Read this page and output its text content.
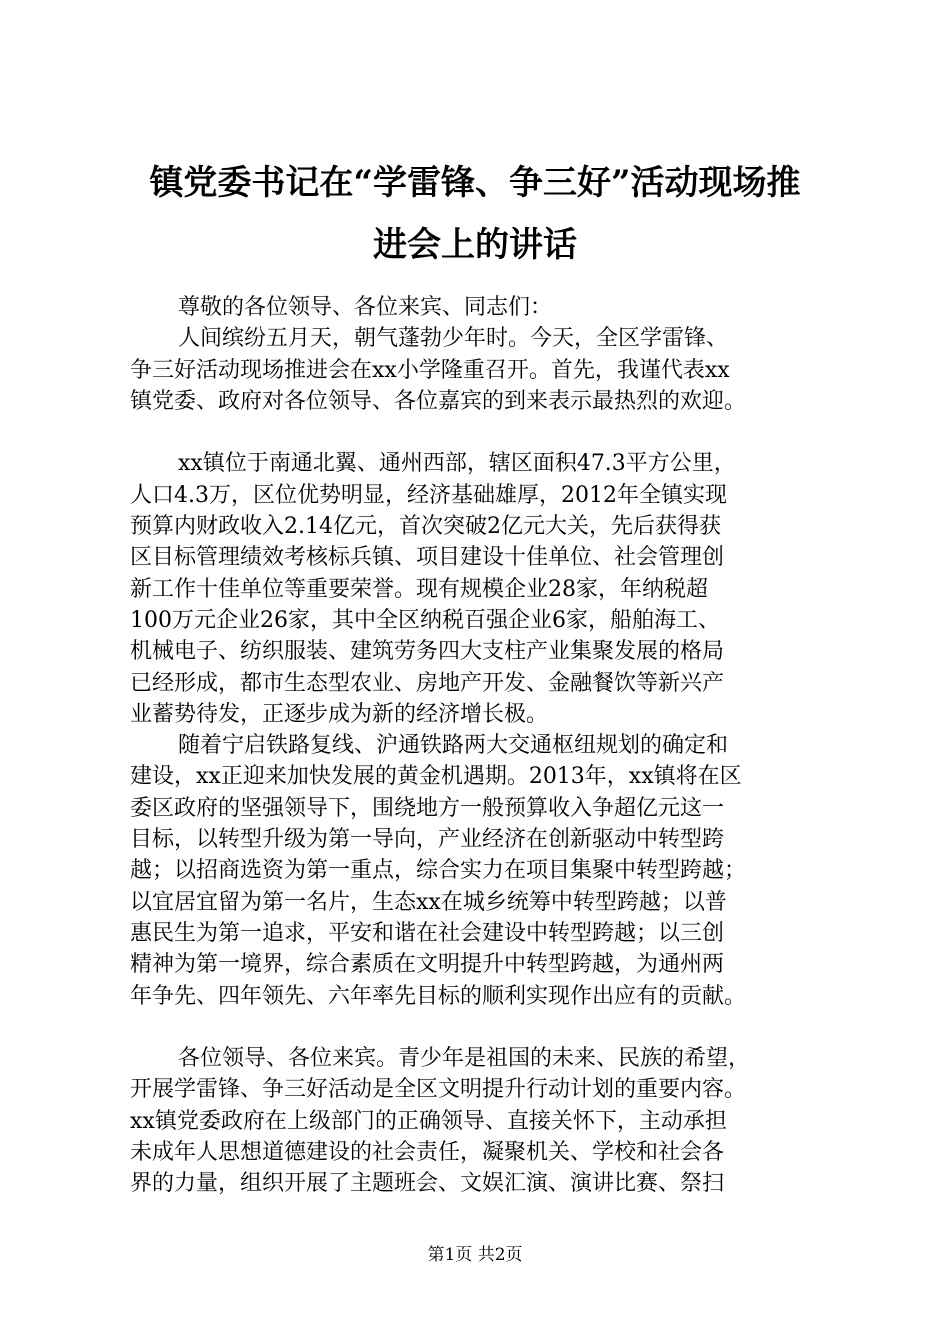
镇党委书记在“学雷锋、争三好”活动现场推
进会上的讲话
尊敬的各位领导、各位来宾、同志们：
人间缤纷五月天，朝气蓬勃少年时。今天，全区学雷锋、
争三好活动现场推进会在xx小学隆重召开。首先，我谨代表xx
镇党委、政府对各位领导、各位嘉宾的到来表示最热烈的欢迎。
xx镇位于南通北翼、通州西部，辖区面积47.3平方公里，
人口4.3万，区位优势明显，经济基础雄厚，2012年全镇实现
预算内财政收入2.14亿元，首次突破2亿元大关，先后获得获
区目标管理绩效考核标兵镇、项目建设十佳单位、社会管理创
新工作十佳单位等重要荣誉。现有规模企业28家，年纳税超
100万元企业26家，其中全区纳税百强企业6家，船舶海工、
机械电子、纺织服装、建筑劳务四大支柱产业集聚发展的格局
已经形成，都市生态型农业、房地产开发、金融餐饮等新兴产
业蓄势待发，正逐步成为新的经济增长极。
随着宁启铁路复线、沪通铁路两大交通枢纽规划的确定和
建设，xx正迎来加快发展的黄金机遇期。2013年，xx镇将在区
委区政府的坚强领导下，围绕地方一般预算收入争超亿元这一
目标，以转型升级为第一导向，产业经济在创新驱动中转型跨
越；以招商选资为第一重点，综合实力在项目集聚中转型跨越；
以宜居宜留为第一名片，生态xx在城乡统筹中转型跨越；以普
惠民生为第一追求，平安和谐在社会建设中转型跨越；以三创
精神为第一境界，综合素质在文明提升中转型跨越，为通州两
年争先、四年领先、六年率先目标的顺利实现作出应有的贡献。
各位领导、各位来宾。青少年是祖国的未来、民族的希望，
开展学雷锋、争三好活动是全区文明提升行动计划的重要内容。
xx镇党委政府在上级部门的正确领导、直接关怀下，主动承担
未成年人思想道德建设的社会责任，凝聚机关、学校和社会各
界的力量，组织开展了主题班会、文娱汇演、演讲比赛、祭扫
第1页 共2页
